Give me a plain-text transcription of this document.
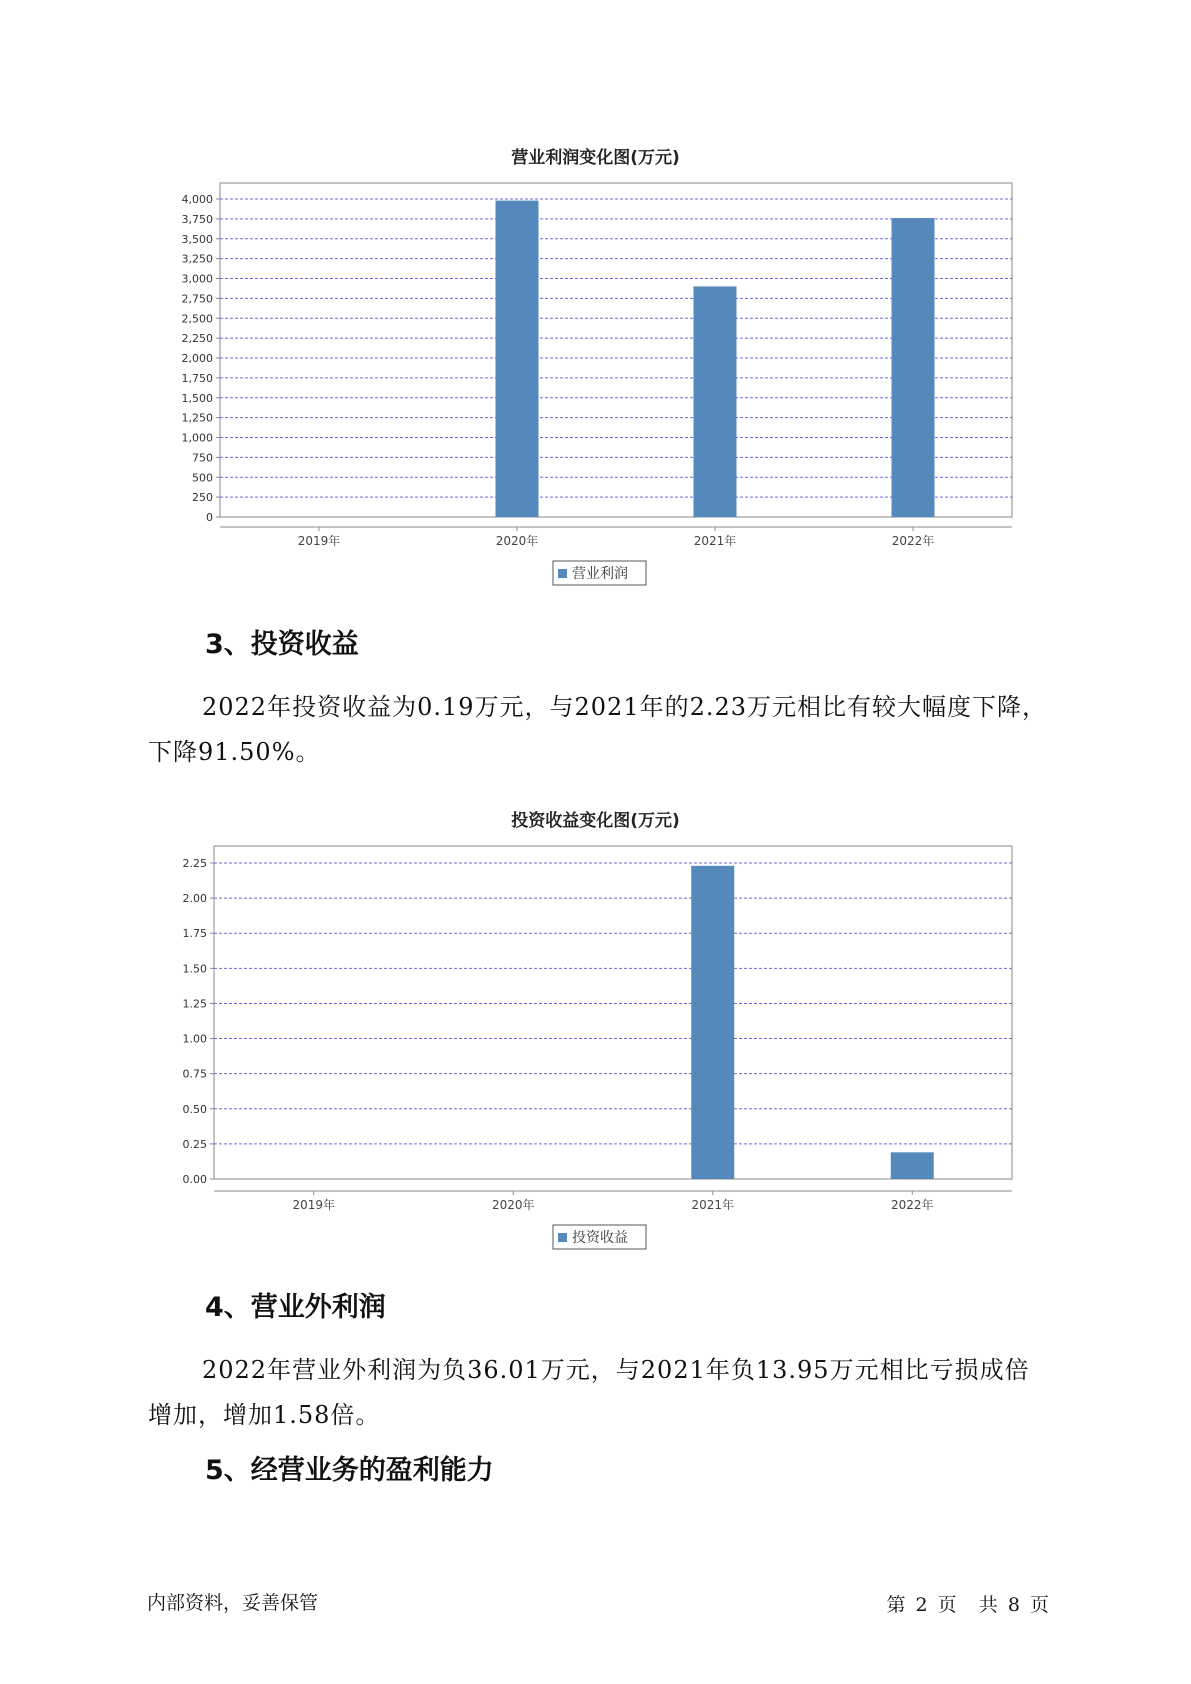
营业利润变化图(万元)
0
250
500
750
1,000
1,250
1,500
1,750
2,000
2,250
2,500
2,750
3,000
3,250
3,500
3,750
4,000
2019年	2020年	2021年	2022年
营业利润
3、投资收益

2022年投资收益为0.19万元，与2021年的2.23万元相比有较大幅度下降，下降91.50%。

投资收益变化图(万元)
0.00
0.25
0.50
0.75
1.00
1.25
1.50
1.75
2.00
2.25
2019年	2020年	2021年	2022年
投资收益
4、营业外利润

2022年营业外利润为负36.01万元，与2021年负13.95万元相比亏损成倍增加，增加1.58倍。

5、经营业务的盈利能力
内部资料，妥善保管	第 2 页 共 8 页
